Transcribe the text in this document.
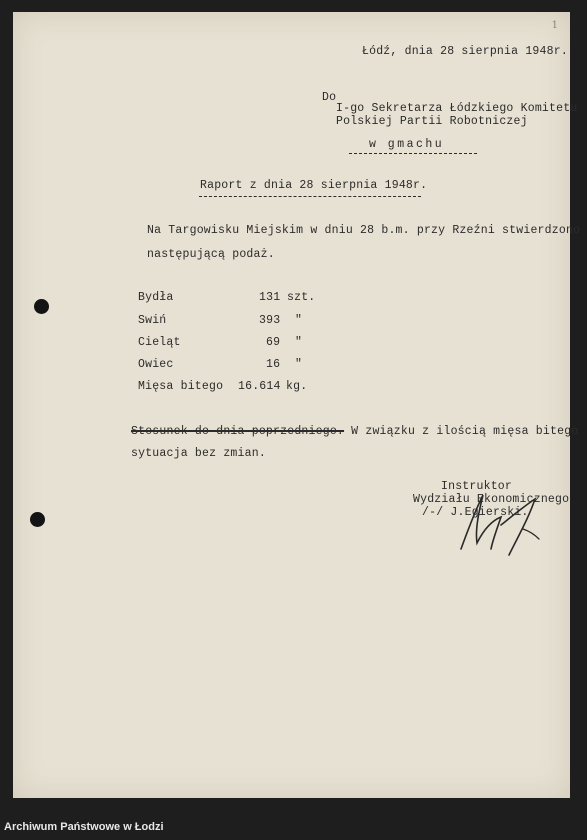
1
Łódź, dnia 28 sierpnia 1948r.
Do
I-go Sekretarza Łódzkiego Komitetu
Polskiej Partii Robotniczej
w gmachu
Raport z dnia 28 sierpnia 1948r.
Na Targowisku Miejskim w dniu 28 b.m. przy Rzeźni stwierdzono
następującą podaż.
Bydła	131 szt.
Swiń	393 "
Cieląt	69 "
Owiec	16 "
Mięsa bitego 16.614 kg.
Stosunek do dnia poprzedniego. W związku z ilością mięsa bitego
sytuacja bez zmian.
Instruktor
Wydziału Ekonomicznego
/-/ J.Egierski.
Archiwum Państwowe w Łodzi
